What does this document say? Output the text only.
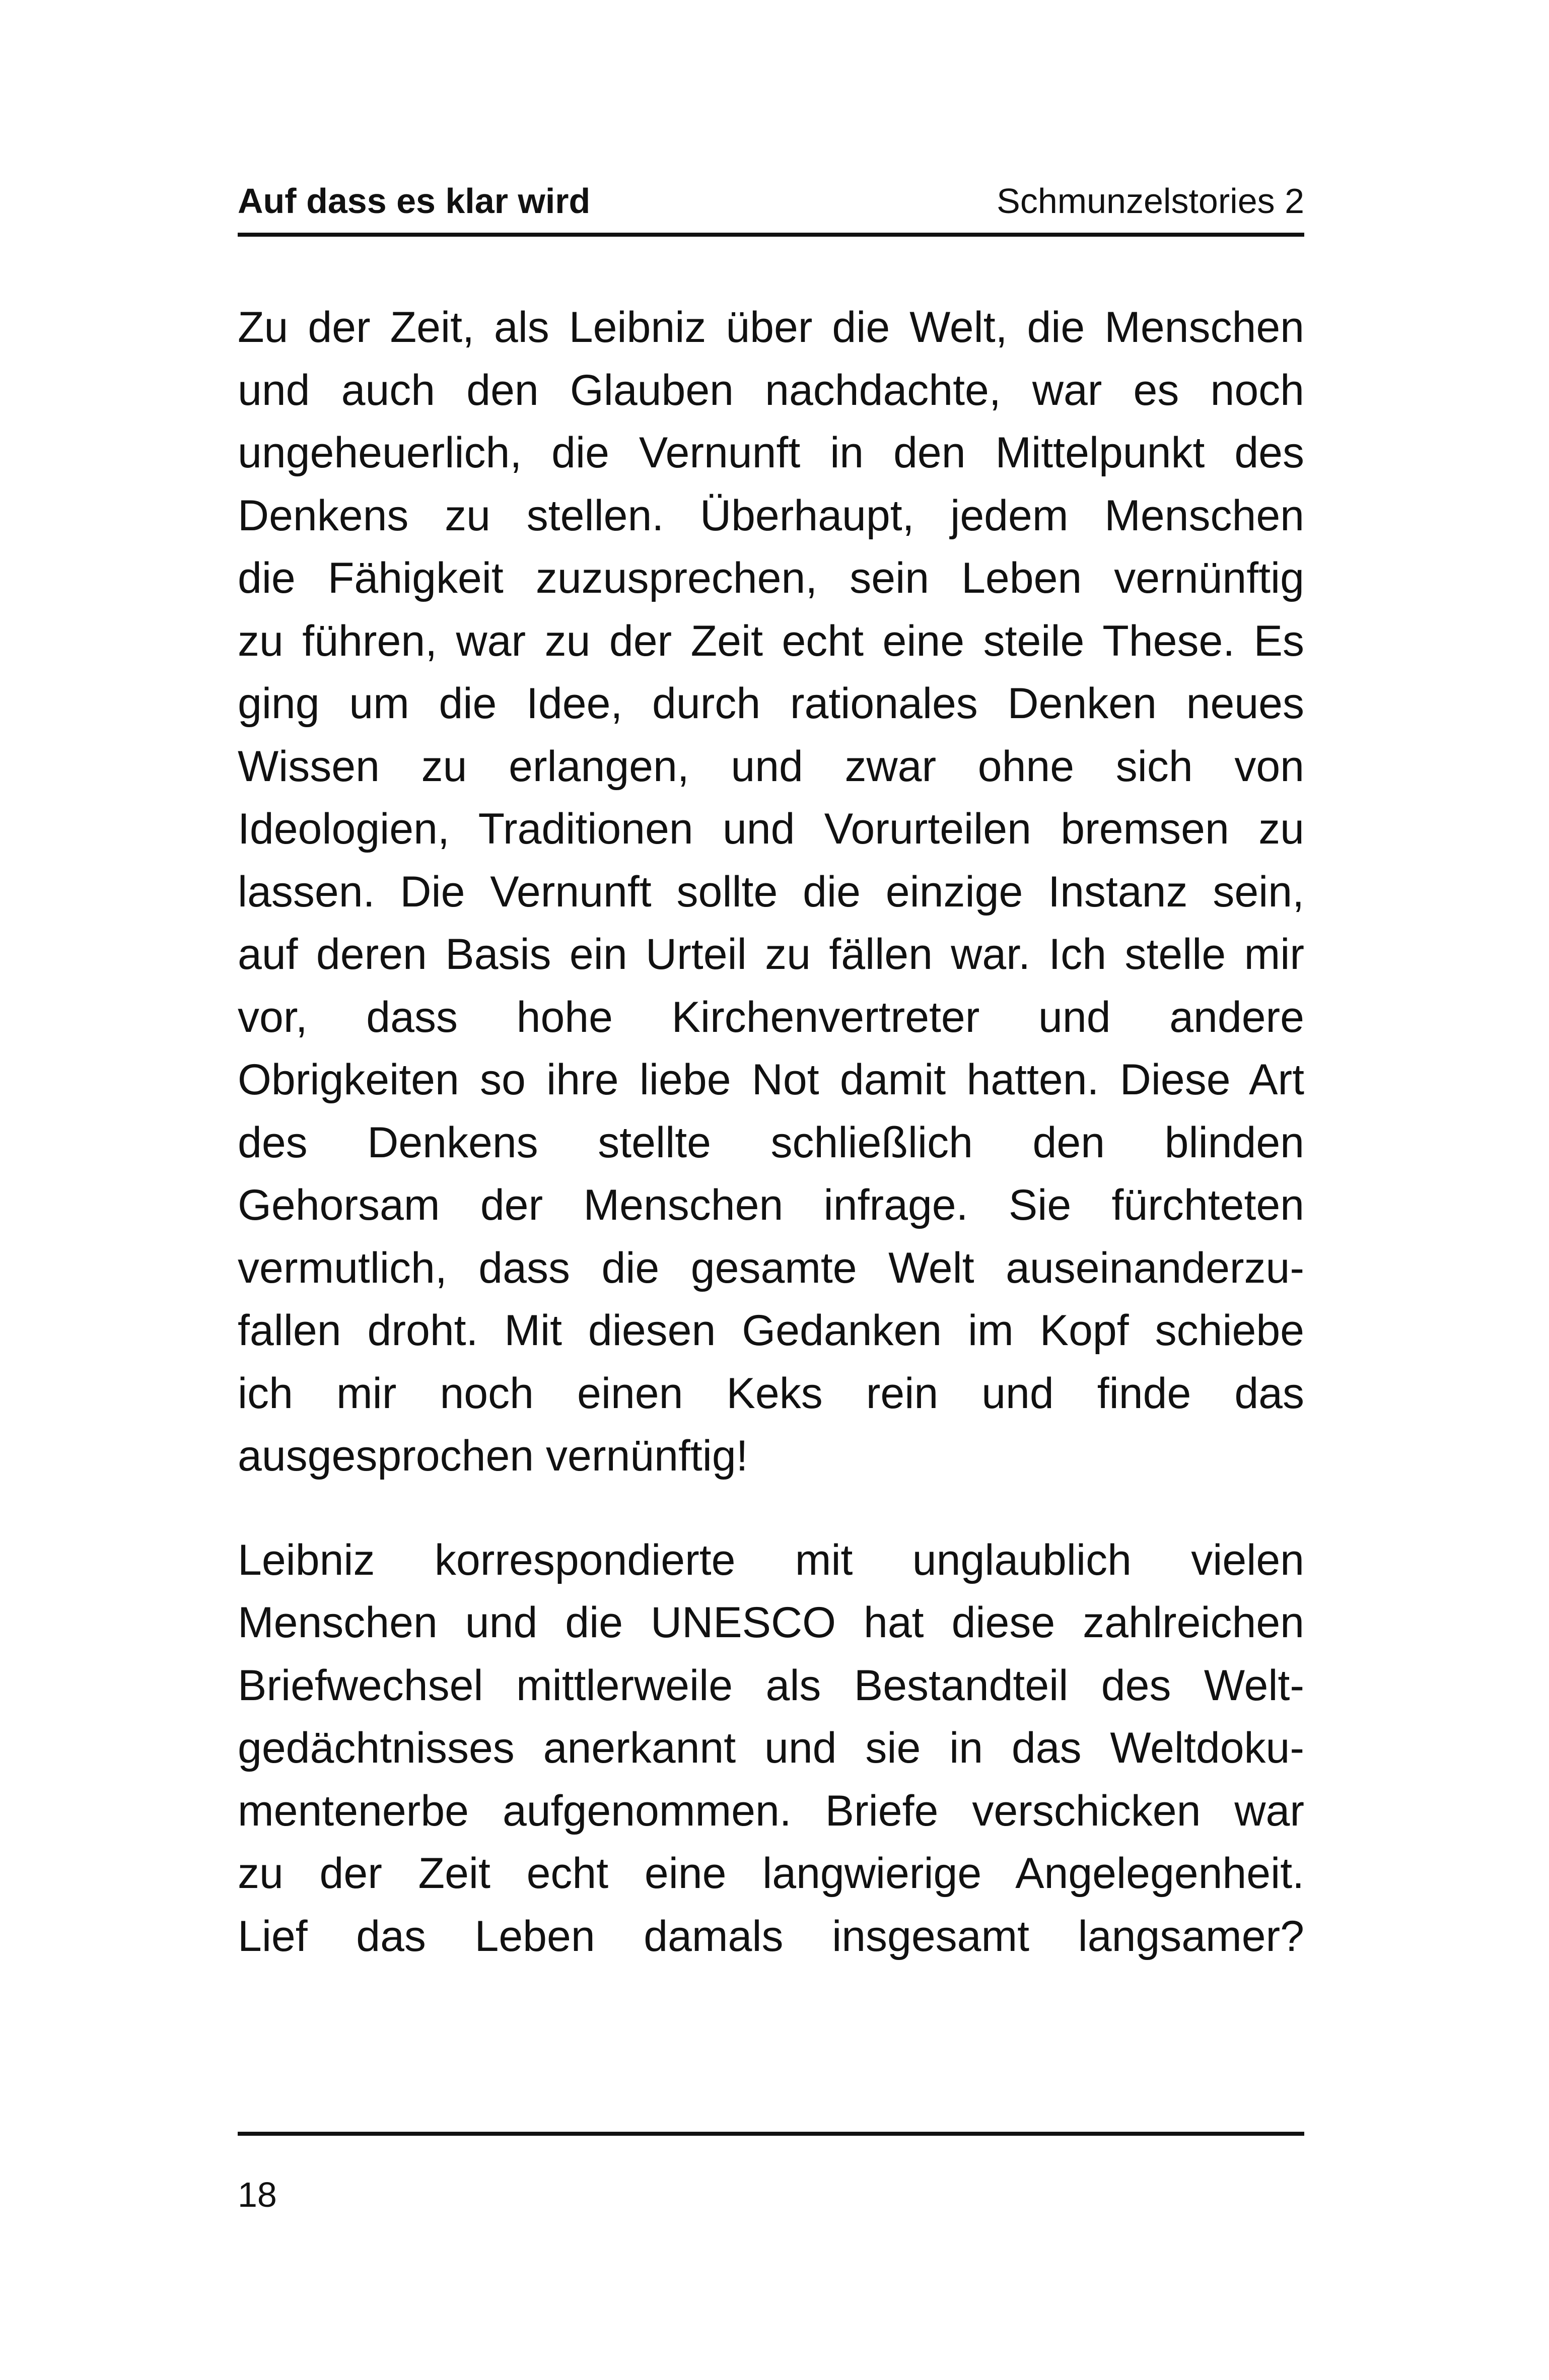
Auf dass es klar wird	Schmunzelstories 2
Zu der Zeit, als Leibniz über die Welt, die Menschen
und auch den Glauben nachdachte, war es noch
ungeheuerlich, die Vernunft in den Mittelpunkt des
Denkens zu stellen. Überhaupt, jedem Menschen
die Fähigkeit zuzusprechen, sein Leben vernünftig
zu führen, war zu der Zeit echt eine steile These. Es
ging um die Idee, durch rationales Denken neues
Wissen zu erlangen, und zwar ohne sich von
Ideologien, Traditionen und Vorurteilen bremsen zu
lassen. Die Vernunft sollte die einzige Instanz sein,
auf deren Basis ein Urteil zu fällen war. Ich stelle mir
vor, dass hohe Kirchenvertreter und andere
Obrigkeiten so ihre liebe Not damit hatten. Diese Art
des Denkens stellte schließlich den blinden
Gehorsam der Menschen infrage. Sie fürchteten
vermutlich, dass die gesamte Welt auseinanderzu-
fallen droht. Mit diesen Gedanken im Kopf schiebe
ich mir noch einen Keks rein und finde das
ausgesprochen vernünftig!
Leibniz korrespondierte mit unglaublich vielen
Menschen und die UNESCO hat diese zahlreichen
Briefwechsel mittlerweile als Bestandteil des Welt-
gedächtnisses anerkannt und sie in das Weltdoku-
mentenerbe aufgenommen. Briefe verschicken war
zu der Zeit echt eine langwierige Angelegenheit.
Lief das Leben damals insgesamt langsamer?
18
